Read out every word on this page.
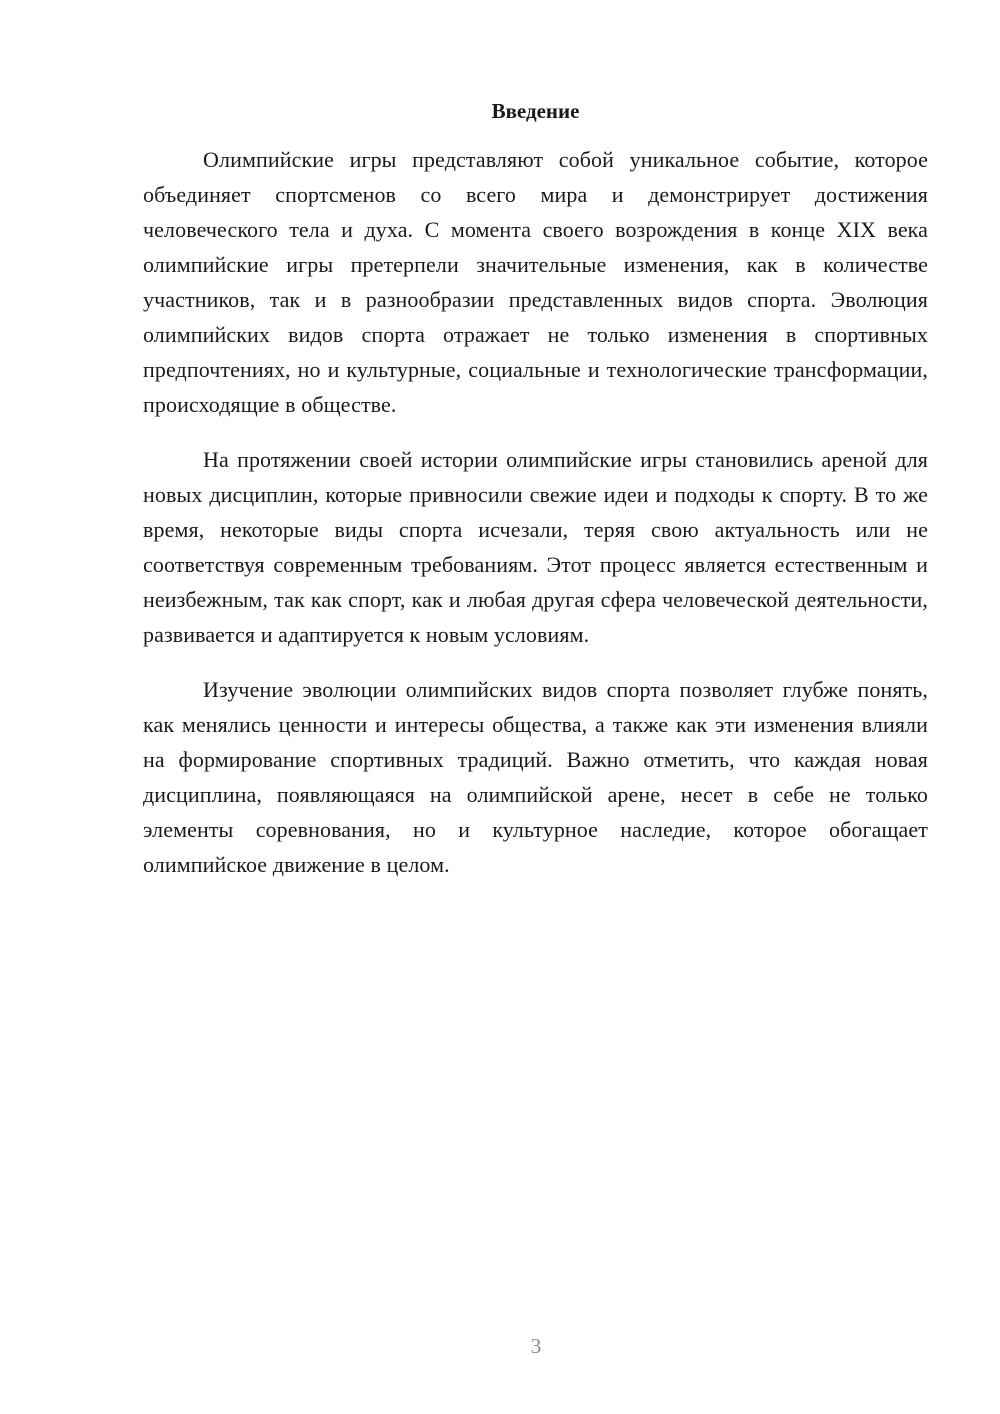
Введение

Олимпийские игры представляют собой уникальное событие, которое объединяет спортсменов со всего мира и демонстрирует достижения человеческого тела и духа. С момента своего возрождения в конце XIX века олимпийские игры претерпели значительные изменения, как в количестве участников, так и в разнообразии представленных видов спорта. Эволюция олимпийских видов спорта отражает не только изменения в спортивных предпочтениях, но и культурные, социальные и технологические трансформации, происходящие в обществе.

На протяжении своей истории олимпийские игры становились ареной для новых дисциплин, которые привносили свежие идеи и подходы к спорту. В то же время, некоторые виды спорта исчезали, теряя свою актуальность или не соответствуя современным требованиям. Этот процесс является естественным и неизбежным, так как спорт, как и любая другая сфера человеческой деятельности, развивается и адаптируется к новым условиям.

Изучение эволюции олимпийских видов спорта позволяет глубже понять, как менялись ценности и интересы общества, а также как эти изменения влияли на формирование спортивных традиций. Важно отметить, что каждая новая дисциплина, появляющаяся на олимпийской арене, несет в себе не только элементы соревнования, но и культурное наследие, которое обогащает олимпийское движение в целом.

3
